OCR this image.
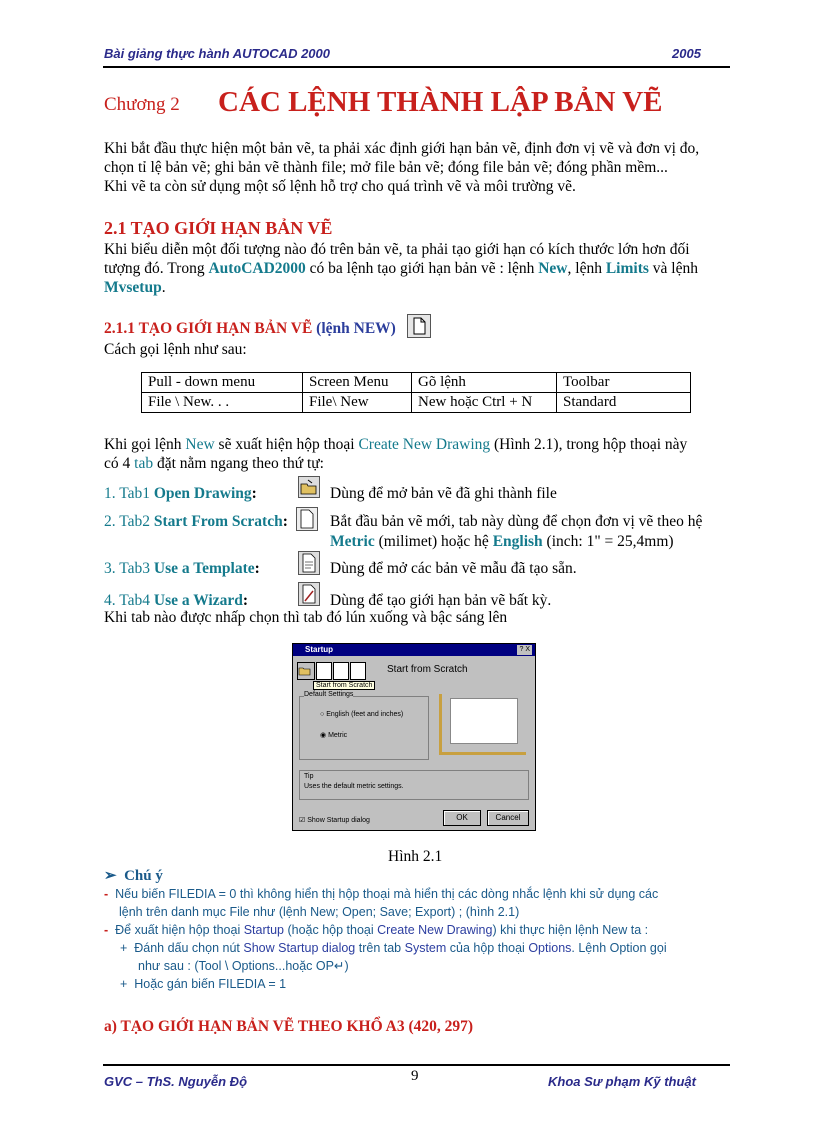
Bài giảng thực hành AUTOCAD 2000	2005
Chương 2 CÁC LỆNH THÀNH LẬP BẢN VẼ
Khi bắt đầu thực hiện một bản vẽ, ta phải xác định giới hạn bản vẽ, định đơn vị vẽ và đơn vị đo,
chọn tỉ lệ bản vẽ; ghi bản vẽ thành file; mở file bản vẽ; đóng file bản vẽ; đóng phần mềm...
Khi vẽ ta còn sử dụng một số lệnh hỗ trợ cho quá trình vẽ và môi trường vẽ.
2.1 TẠO GIỚI HẠN BẢN VẼ
Khi biểu diễn một đối tượng nào đó trên bản vẽ, ta phải tạo giới hạn có kích thước lớn hơn đối
tượng đó. Trong AutoCAD2000 có ba lệnh tạo giới hạn bản vẽ : lệnh New, lệnh Limits và lệnh
Mvsetup.
2.1.1 TẠO GIỚI HẠN BẢN VẼ (lệnh NEW)
Cách gọi lệnh như sau:
Pull - down menu	Screen Menu	Gõ lệnh	Toolbar
File \ New. . .	File\ New	New hoặc Ctrl + N	Standard
Khi gọi lệnh New sẽ xuất hiện hộp thoại Create New Drawing (Hình 2.1), trong hộp thoại này
có 4 tab đặt nằm ngang theo thứ tự:
1. Tab1 Open Drawing:	Dùng để mở bản vẽ đã ghi thành file
2. Tab2 Start From Scratch:	Bắt đầu bản vẽ mới, tab này dùng để chọn đơn vị vẽ theo hệ
Metric (milimet) hoặc hệ English (inch: 1" = 25,4mm)
3. Tab3 Use a Template:	Dùng để mở các bản vẽ mẫu đã tạo sẵn.
4. Tab4 Use a Wizard:	Dùng để tạo giới hạn bản vẽ bất kỳ.
Khi tab nào được nhấp chọn thì tab đó lún xuống và bậc sáng lên
Startup	? X
Start from Scratch
Start from Scratch
Default Settings
○ English (feet and inches)
◉ Metric
Tip
Uses the default metric settings.
☑ Show Startup dialog	OK	Cancel
Hình 2.1
➢ Chú ý
- Nếu biến FILEDIA = 0 thì không hiển thị hộp thoại mà hiển thị các dòng nhắc lệnh khi sử dụng các
lệnh trên danh mục File như (lệnh New; Open; Save; Export) ; (hình 2.1)
- Để xuất hiện hộp thoại Startup (hoặc hộp thoại Create New Drawing) khi thực hiện lệnh New ta :
+  Đánh dấu chọn nút Show Startup dialog trên tab System của hộp thoại Options. Lệnh Option gọi
như sau : (Tool \ Options...hoặc OP↵)
+  Hoặc gán biến FILEDIA = 1
a) TẠO GIỚI HẠN BẢN VẼ THEO KHỔ A3 (420, 297)
GVC – ThS. Nguyễn Độ	9	Khoa Sư phạm Kỹ thuật
